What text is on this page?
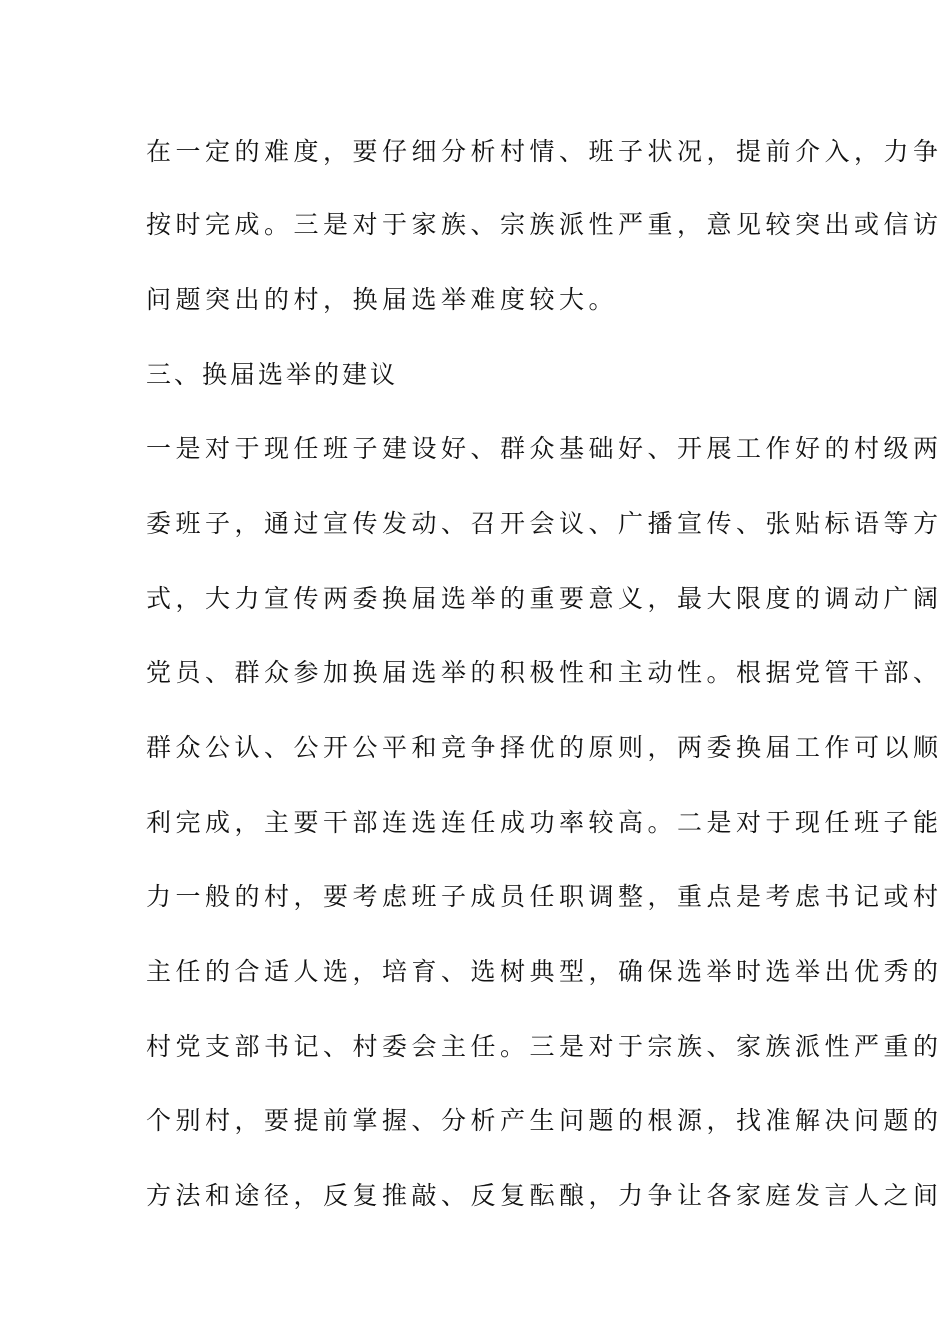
在一定的难度，要仔细分析村情、班子状况，提前介入，力争
按时完成。三是对于家族、宗族派性严重，意见较突出或信访
问题突出的村，换届选举难度较大。
三、换届选举的建议
一是对于现任班子建设好、群众基础好、开展工作好的村级两
委班子，通过宣传发动、召开会议、广播宣传、张贴标语等方
式，大力宣传两委换届选举的重要意义，最大限度的调动广阔
党员、群众参加换届选举的积极性和主动性。根据党管干部、
群众公认、公开公平和竞争择优的原则，两委换届工作可以顺
利完成，主要干部连选连任成功率较高。二是对于现任班子能
力一般的村，要考虑班子成员任职调整，重点是考虑书记或村
主任的合适人选，培育、选树典型，确保选举时选举出优秀的
村党支部书记、村委会主任。三是对于宗族、家族派性严重的
个别村，要提前掌握、分析产生问题的根源，找准解决问题的
方法和途径，反复推敲、反复酝酿，力争让各家庭发言人之间
